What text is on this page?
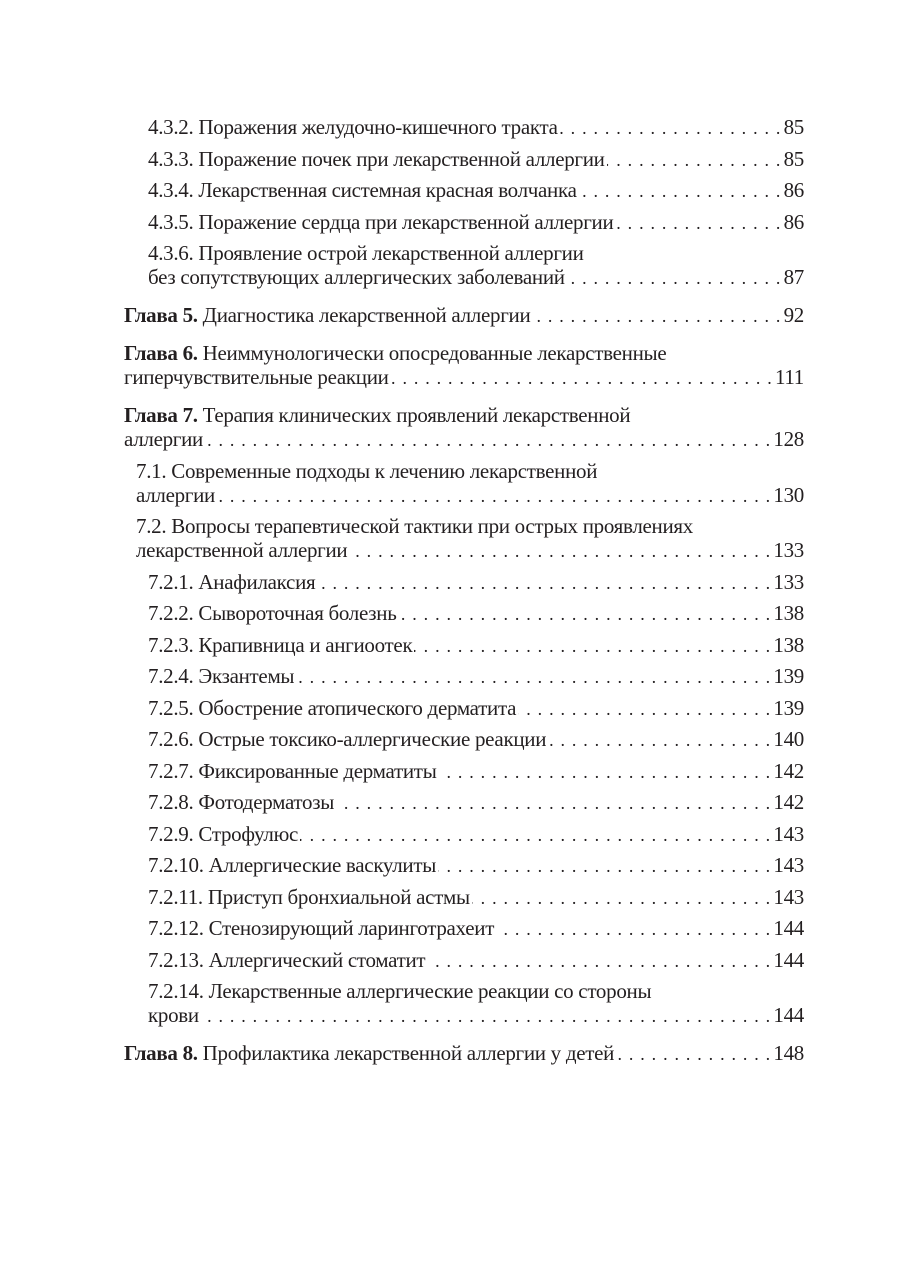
4.3.2. Поражения желудочно-кишечного тракта . . .	85
4.3.3. Поражение почек при лекарственной аллергии . . .	85
4.3.4. Лекарственная системная красная волчанка . . .	86
4.3.5. Поражение сердца при лекарственной аллергии . . .	86
4.3.6. Проявление острой лекарственной аллергии
без сопутствующих аллергических заболеваний . . .	87
Глава 5. Диагностика лекарственной аллергии . . .	92
Глава 6. Неиммунологически опосредованные лекарственные
гиперчувствительные реакции . . .	111
Глава 7. Терапия клинических проявлений лекарственной
аллергии . . .	128
7.1. Современные подходы к лечению лекарственной
аллергии . . .	130
7.2. Вопросы терапевтической тактики при острых проявлениях
лекарственной аллергии . . .	133
7.2.1. Анафилаксия . . .	133
7.2.2. Сывороточная болезнь . . .	138
7.2.3. Крапивница и ангиоотек . . .	138
7.2.4. Экзантемы . . .	139
7.2.5. Обострение атопического дерматита . . .	139
7.2.6. Острые токсико-аллергические реакции . . .	140
7.2.7. Фиксированные дерматиты . . .	142
7.2.8. Фотодерматозы . . .	142
7.2.9. Строфулюс . . .	143
7.2.10. Аллергические васкулиты . . .	143
7.2.11. Приступ бронхиальной астмы . . .	143
7.2.12. Стенозирующий ларинготрахеит . . .	144
7.2.13. Аллергический стоматит . . .	144
7.2.14. Лекарственные аллергические реакции со стороны
крови . . .	144
Глава 8. Профилактика лекарственной аллергии у детей . . .	148
